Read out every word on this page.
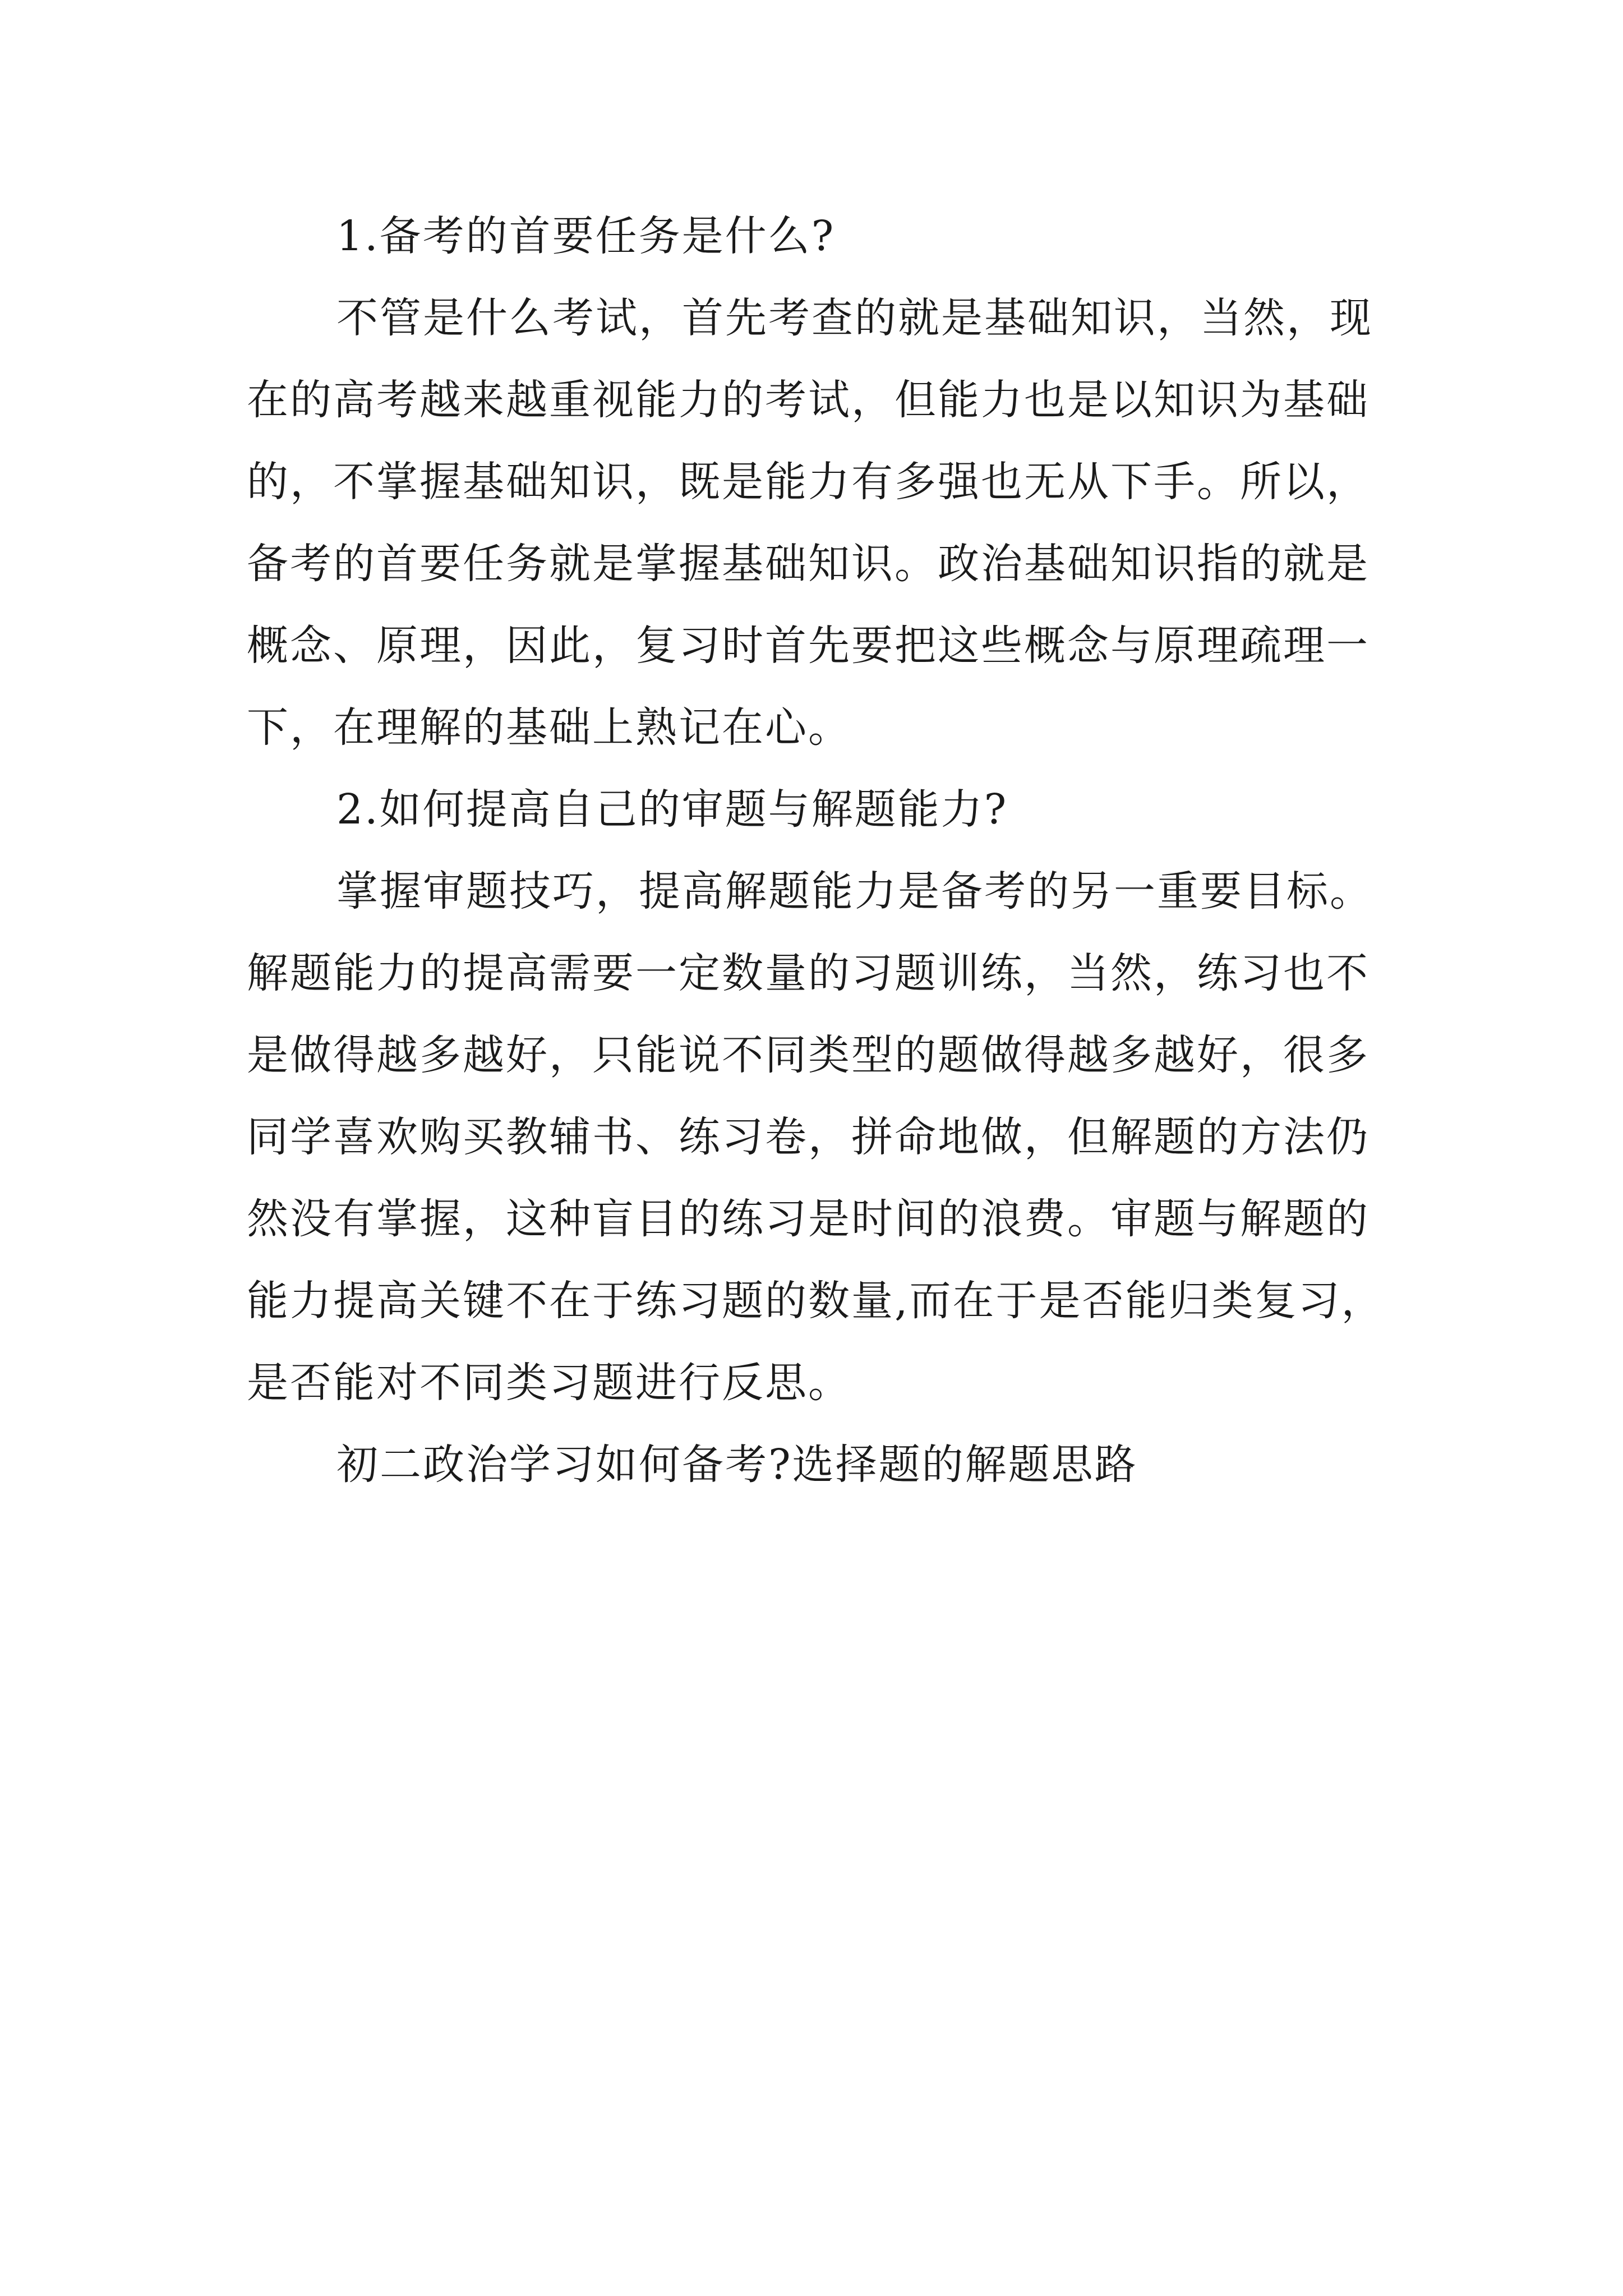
1.备考的首要任务是什么?
不管是什么考试，首先考查的就是基础知识，当然，现
在的高考越来越重视能力的考试，但能力也是以知识为基础
的，不掌握基础知识，既是能力有多强也无从下手。所以，
备考的首要任务就是掌握基础知识。政治基础知识指的就是
概念、原理，因此，复习时首先要把这些概念与原理疏理一
下，在理解的基础上熟记在心。
2.如何提高自己的审题与解题能力?
掌握审题技巧，提高解题能力是备考的另一重要目标。
解题能力的提高需要一定数量的习题训练，当然，练习也不
是做得越多越好，只能说不同类型的题做得越多越好，很多
同学喜欢购买教辅书、练习卷，拼命地做，但解题的方法仍
然没有掌握，这种盲目的练习是时间的浪费。审题与解题的
能力提高关键不在于练习题的数量,而在于是否能归类复习，
是否能对不同类习题进行反思。
初二政治学习如何备考?选择题的解题思路
